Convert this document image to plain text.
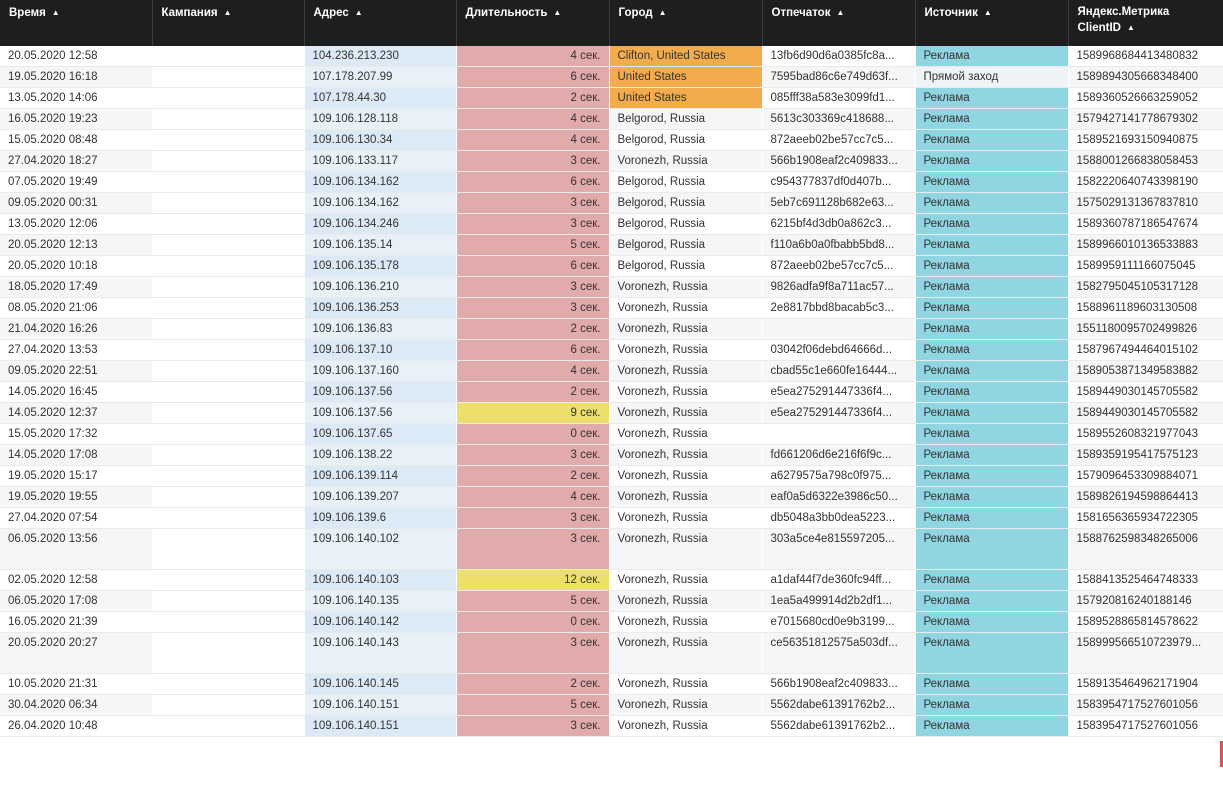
Время ▲	Кампания ▲	Адрес ▲	Длительность ▲	Город ▲	Отпечаток ▲	Источник ▲	Яндекс.Метрика ClientID ▲
20.05.2020 12:58		104.236.213.230	4 сек.	Clifton, United States	13fb6d90d6a0385fc8a...	Реклама	1589968684413480832
19.05.2020 16:18		107.178.207.99	6 сек.	United States	7595bad86c6e749d63f...	Прямой заход	1589894305668348400
13.05.2020 14:06		107.178.44.30	2 сек.	United States	085fff38a583e3099fd1...	Реклама	1589360526663259052
16.05.2020 19:23		109.106.128.118	4 сек.	Belgorod, Russia	5613c303369c418688...	Реклама	1579427141778679302
15.05.2020 08:48		109.106.130.34	4 сек.	Belgorod, Russia	872aeeb02be57cc7c5...	Реклама	1589521693150940875
27.04.2020 18:27		109.106.133.117	3 сек.	Voronezh, Russia	566b1908eaf2c409833...	Реклама	1588001266838058453
07.05.2020 19:49		109.106.134.162	6 сек.	Belgorod, Russia	c954377837df0d407b...	Реклама	1582220640743398190
09.05.2020 00:31		109.106.134.162	3 сек.	Belgorod, Russia	5eb7c691128b682e63...	Реклама	1575029131367837810
13.05.2020 12:06		109.106.134.246	3 сек.	Belgorod, Russia	6215bf4d3db0a862c3...	Реклама	1589360787186547674
20.05.2020 12:13		109.106.135.14	5 сек.	Belgorod, Russia	f110a6b0a0fbabb5bd8...	Реклама	1589966010136533883
20.05.2020 10:18		109.106.135.178	6 сек.	Belgorod, Russia	872aeeb02be57cc7c5...	Реклама	1589959111166075045
18.05.2020 17:49		109.106.136.210	3 сек.	Voronezh, Russia	9826adfa9f8a711ac57...	Реклама	1582795045105317128
08.05.2020 21:06		109.106.136.253	3 сек.	Voronezh, Russia	2e8817bbd8bacab5c3...	Реклама	1588961189603130508
21.04.2020 16:26		109.106.136.83	2 сек.	Voronezh, Russia		Реклама	1551180095702499826
27.04.2020 13:53		109.106.137.10	6 сек.	Voronezh, Russia	03042f06debd64666d...	Реклама	1587967494464015102
09.05.2020 22:51		109.106.137.160	4 сек.	Voronezh, Russia	cbad55c1e660fe16444...	Реклама	1589053871349583882
14.05.2020 16:45		109.106.137.56	2 сек.	Voronezh, Russia	e5ea275291447336f4...	Реклама	1589449030145705582
14.05.2020 12:37		109.106.137.56	9 сек.	Voronezh, Russia	e5ea275291447336f4...	Реклама	1589449030145705582
15.05.2020 17:32		109.106.137.65	0 сек.	Voronezh, Russia		Реклама	1589552608321977043
14.05.2020 17:08		109.106.138.22	3 сек.	Voronezh, Russia	fd661206d6e216f6f9c...	Реклама	1589359195417575123
19.05.2020 15:17		109.106.139.114	2 сек.	Voronezh, Russia	a6279575a798c0f975...	Реклама	1579096453309884071
19.05.2020 19:55		109.106.139.207	4 сек.	Voronezh, Russia	eaf0a5d6322e3986c50...	Реклама	1589826194598864413
27.04.2020 07:54		109.106.139.6	3 сек.	Voronezh, Russia	db5048a3bb0dea5223...	Реклама	1581656365934722305
06.05.2020 13:56		109.106.140.102	3 сек.	Voronezh, Russia	303a5ce4e815597205...	Реклама	1588762598348265006
02.05.2020 12:58		109.106.140.103	12 сек.	Voronezh, Russia	a1daf44f7de360fc94ff...	Реклама	1588413525464748333
06.05.2020 17:08		109.106.140.135	5 сек.	Voronezh, Russia	1ea5a499914d2b2df1...	Реклама	157920816240188146
16.05.2020 21:39		109.106.140.142	0 сек.	Voronezh, Russia	e7015680cd0e9b3199...	Реклама	1589528865814578622
20.05.2020 20:27		109.106.140.143	3 сек.	Voronezh, Russia	ce56351812575a503df...	Реклама	158999566510723979...
10.05.2020 21:31		109.106.140.145	2 сек.	Voronezh, Russia	566b1908eaf2c409833...	Реклама	1589135464962171904
30.04.2020 06:34		109.106.140.151	5 сек.	Voronezh, Russia	5562dabe61391762b2...	Реклама	1583954717527601056
26.04.2020 10:48		109.106.140.151	3 сек.	Voronezh, Russia	5562dabe61391762b2...	Реклама	1583954717527601056
